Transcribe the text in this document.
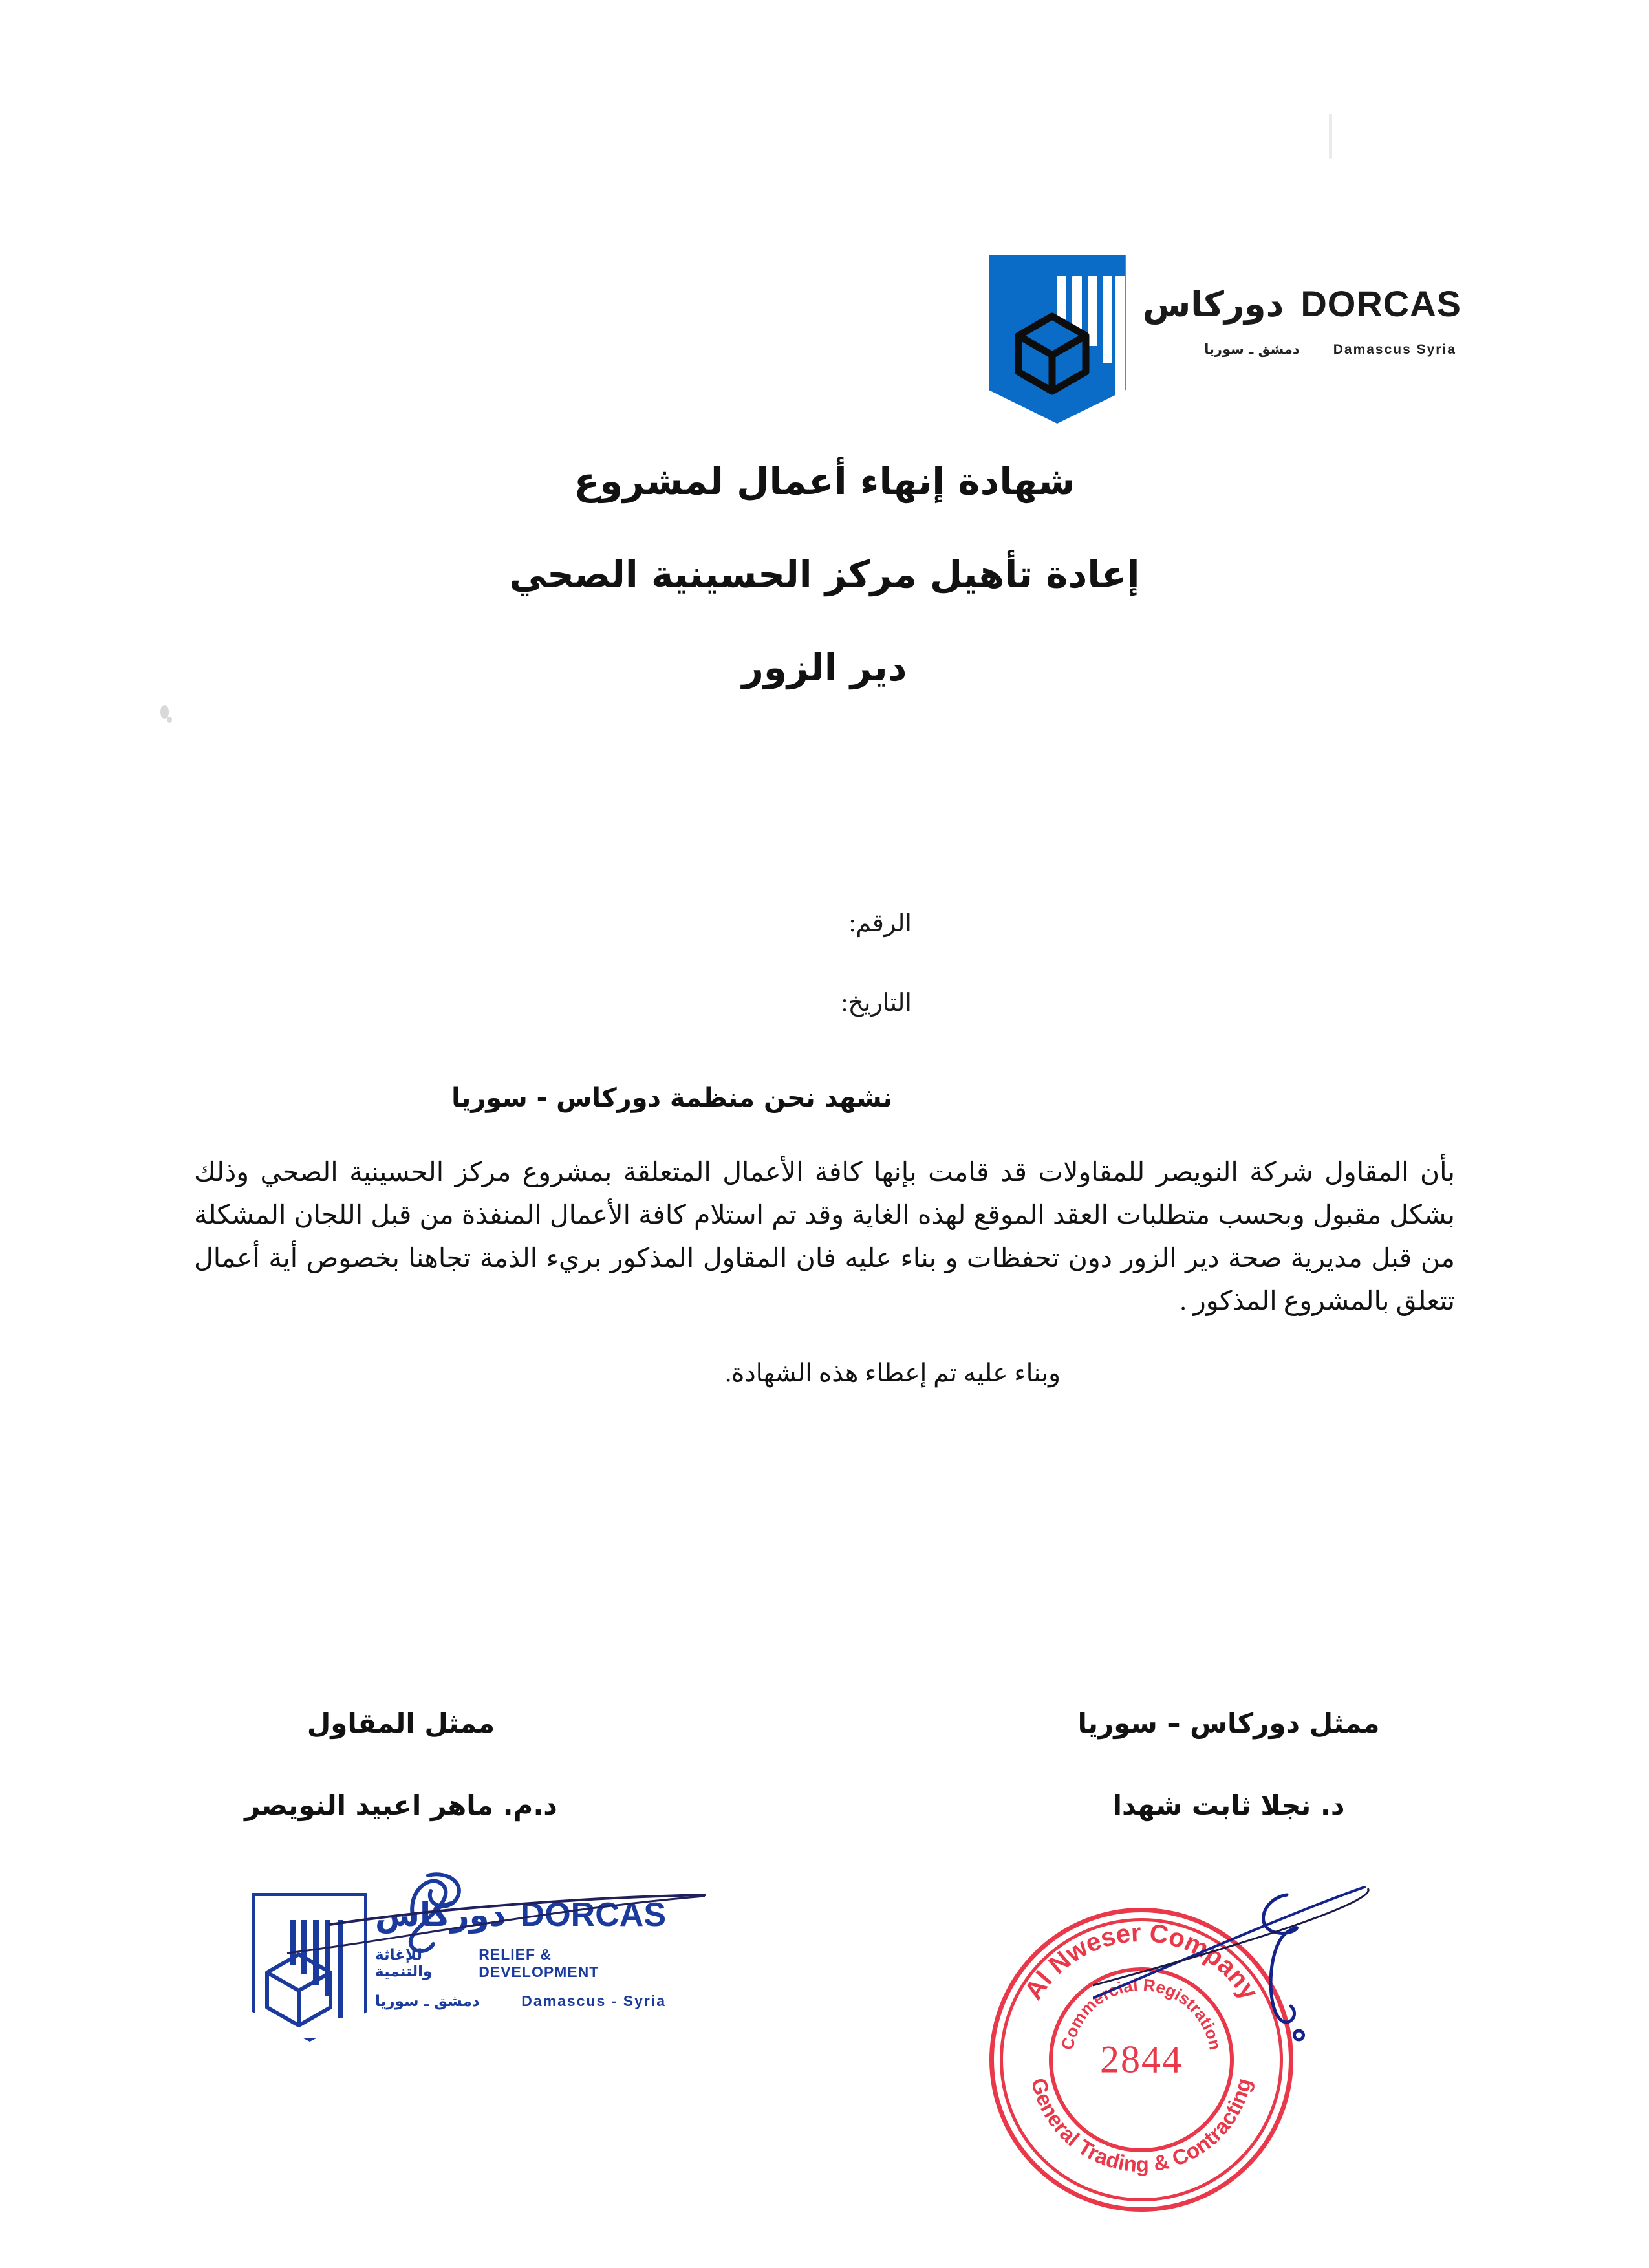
DORCAS
دوركاس
Damascus Syria
دمشق ـ سوريا
شهادة إنهاء أعمال لمشروع
إعادة تأهيل مركز الحسينية الصحي
دير الزور
الرقم:
التاريخ:
نشهد نحن منظمة دوركاس - سوريا
بأن المقاول شركة النويصر للمقاولات قد قامت بإنها كافة الأعمال المتعلقة بمشروع مركز الحسينية الصحي وذلك بشكل مقبول وبحسب متطلبات العقد الموقع لهذه الغاية وقد تم استلام كافة الأعمال المنفذة من قبل اللجان المشكلة من قبل مديرية صحة دير الزور دون تحفظات و بناء عليه فان المقاول المذكور بريء الذمة تجاهنا بخصوص أية أعمال تتعلق بالمشروع المذكور .
وبناء عليه تم إعطاء هذه الشهادة.
ممثل المقاول
د.م. ماهر اعبيد النويصر
ممثل دوركاس – سوريا
د. نجلا ثابت شهدا
DORCAS
دوركاس
RELIEF & DEVELOPMENT
للإغاثة والتنمية
Damascus - Syria
دمشق ـ سوريا	Al Nweser Company
General Trading & Contracting
Commercial Registration
2844
